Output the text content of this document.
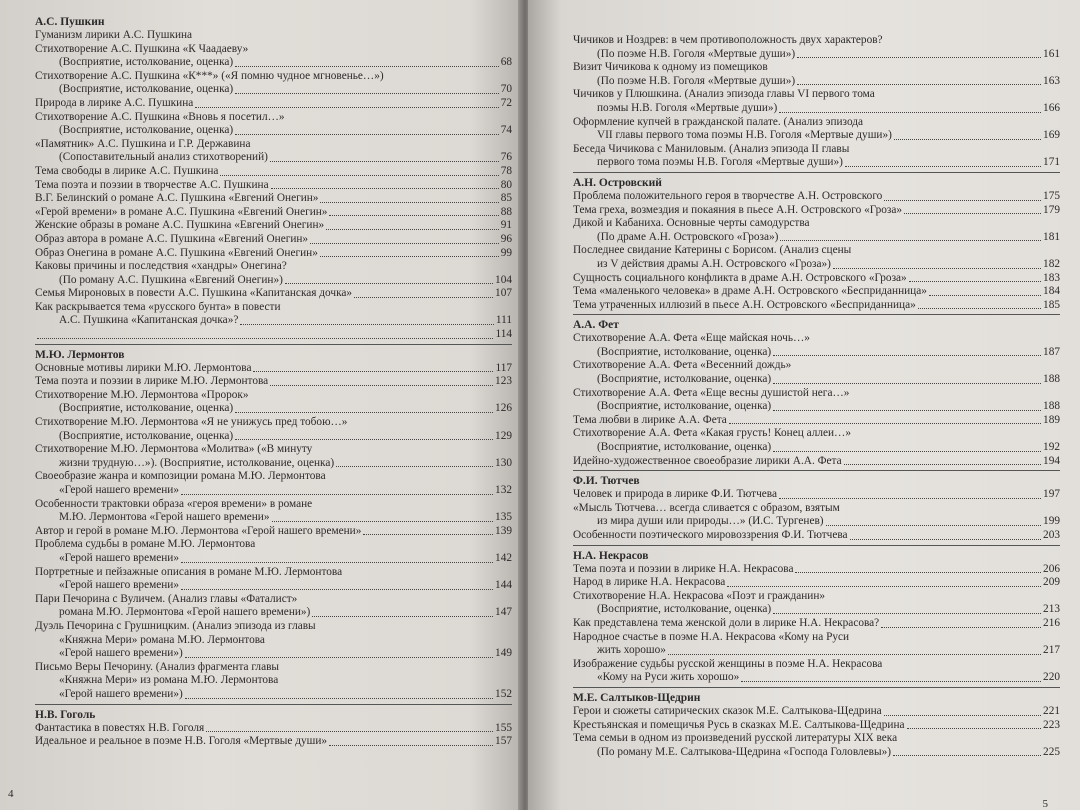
А.С. Пушкин
Гуманизм лирики А.С. Пушкина
Стихотворение А.С. Пушкина «К Чаадаеву»
(Восприятие, истолкование, оценка)	68
Стихотворение А.С. Пушкина «К***» («Я помню чудное мгновенье…»)
(Восприятие, истолкование, оценка)	70
Природа в лирике А.С. Пушкина	72
Стихотворение А.С. Пушкина «Вновь я посетил…»
(Восприятие, истолкование, оценка)	74
«Памятник» А.С. Пушкина и Г.Р. Державина
(Сопоставительный анализ стихотворений)	76
Тема свободы в лирике А.С. Пушкина	78
Тема поэта и поэзии в творчестве А.С. Пушкина	80
В.Г. Белинский о романе А.С. Пушкина «Евгений Онегин»	85
«Герой времени» в романе А.С. Пушкина «Евгений Онегин»	88
Женские образы в романе А.С. Пушкина «Евгений Онегин»	91
Образ автора в романе А.С. Пушкина «Евгений Онегин»	96
Образ Онегина в романе А.С. Пушкина «Евгений Онегин»	99
Каковы причины и последствия «хандры» Онегина?
(По роману А.С. Пушкина «Евгений Онегин»)	104
Семья Мироновых в повести А.С. Пушкина «Капитанская дочка»	107
Как раскрывается тема «русского бунта» в повести
А.С. Пушкина «Капитанская дочка»?	111
114
М.Ю. Лермонтов
Основные мотивы лирики М.Ю. Лермонтова	117
Тема поэта и поэзии в лирике М.Ю. Лермонтова	123
Стихотворение М.Ю. Лермонтова «Пророк»
(Восприятие, истолкование, оценка)	126
Стихотворение М.Ю. Лермонтова «Я не унижусь пред тобою…»
(Восприятие, истолкование, оценка)	129
Стихотворение М.Ю. Лермонтова «Молитва» («В минуту
жизни трудную…»). (Восприятие, истолкование, оценка)	130
Своеобразие жанра и композиции романа М.Ю. Лермонтова
«Герой нашего времени»	132
Особенности трактовки образа «героя времени» в романе
М.Ю. Лермонтова «Герой нашего времени»	135
Автор и герой в романе М.Ю. Лермонтова «Герой нашего времени»	139
Проблема судьбы в романе М.Ю. Лермонтова
«Герой нашего времени»	142
Портретные и пейзажные описания в романе М.Ю. Лермонтова
«Герой нашего времени»	144
Пари Печорина с Вуличем. (Анализ главы «Фаталист»
романа М.Ю. Лермонтова «Герой нашего времени»)	147
Дуэль Печорина с Грушницким. (Анализ эпизода из главы
«Княжна Мери» романа М.Ю. Лермонтова
«Герой нашего времени»)	149
Письмо Веры Печорину. (Анализ фрагмента главы
«Княжна Мери» из романа М.Ю. Лермонтова
«Герой нашего времени»)	152
Н.В. Гоголь
Фантастика в повестях Н.В. Гоголя	155
Идеальное и реальное в поэме Н.В. Гоголя «Мертвые души»	157
4
Чичиков и Ноздрев: в чем противоположность двух характеров?
(По поэме Н.В. Гоголя «Мертвые души»)	161
Визит Чичикова к одному из помещиков
(По поэме Н.В. Гоголя «Мертвые души»)	163
Чичиков у Плюшкина. (Анализ эпизода главы VI первого тома
поэмы Н.В. Гоголя «Мертвые души»)	166
Оформление купчей в гражданской палате. (Анализ эпизода
VII главы первого тома поэмы Н.В. Гоголя «Мертвые души»)	169
Беседа Чичикова с Маниловым. (Анализ эпизода II главы
первого тома поэмы Н.В. Гоголя «Мертвые души»)	171
А.Н. Островский
Проблема положительного героя в творчестве А.Н. Островского	175
Тема греха, возмездия и покаяния в пьесе А.Н. Островского «Гроза»	179
Дикой и Кабаниха. Основные черты самодурства
(По драме А.Н. Островского «Гроза»)	181
Последнее свидание Катерины с Борисом. (Анализ сцены
из V действия драмы А.Н. Островского «Гроза»)	182
Сущность социального конфликта в драме А.Н. Островского «Гроза»	183
Тема «маленького человека» в драме А.Н. Островского «Бесприданница»	184
Тема утраченных иллюзий в пьесе А.Н. Островского «Бесприданница»	185
А.А. Фет
Стихотворение А.А. Фета «Еще майская ночь…»
(Восприятие, истолкование, оценка)	187
Стихотворение А.А. Фета «Весенний дождь»
(Восприятие, истолкование, оценка)	188
Стихотворение А.А. Фета «Еще весны душистой нега…»
(Восприятие, истолкование, оценка)	188
Тема любви в лирике А.А. Фета	189
Стихотворение А.А. Фета «Какая грусть! Конец аллеи…»
(Восприятие, истолкование, оценка)	192
Идейно-художественное своеобразие лирики А.А. Фета	194
Ф.И. Тютчев
Человек и природа в лирике Ф.И. Тютчева	197
«Мысль Тютчева… всегда сливается с образом, взятым
из мира души или природы…» (И.С. Тургенев)	199
Особенности поэтического мировоззрения Ф.И. Тютчева	203
Н.А. Некрасов
Тема поэта и поэзии в лирике Н.А. Некрасова	206
Народ в лирике Н.А. Некрасова	209
Стихотворение Н.А. Некрасова «Поэт и гражданин»
(Восприятие, истолкование, оценка)	213
Как представлена тема женской доли в лирике Н.А. Некрасова?	216
Народное счастье в поэме Н.А. Некрасова «Кому на Руси
жить хорошо»	217
Изображение судьбы русской женщины в поэме Н.А. Некрасова
«Кому на Руси жить хорошо»	220
М.Е. Салтыков-Щедрин
Герои и сюжеты сатирических сказок М.Е. Салтыкова-Щедрина	221
Крестьянская и помещичья Русь в сказках М.Е. Салтыкова-Щедрина	223
Тема семьи в одном из произведений русской литературы XIX века
(По роману М.Е. Салтыкова-Щедрина «Господа Головлевы»)	225
5
